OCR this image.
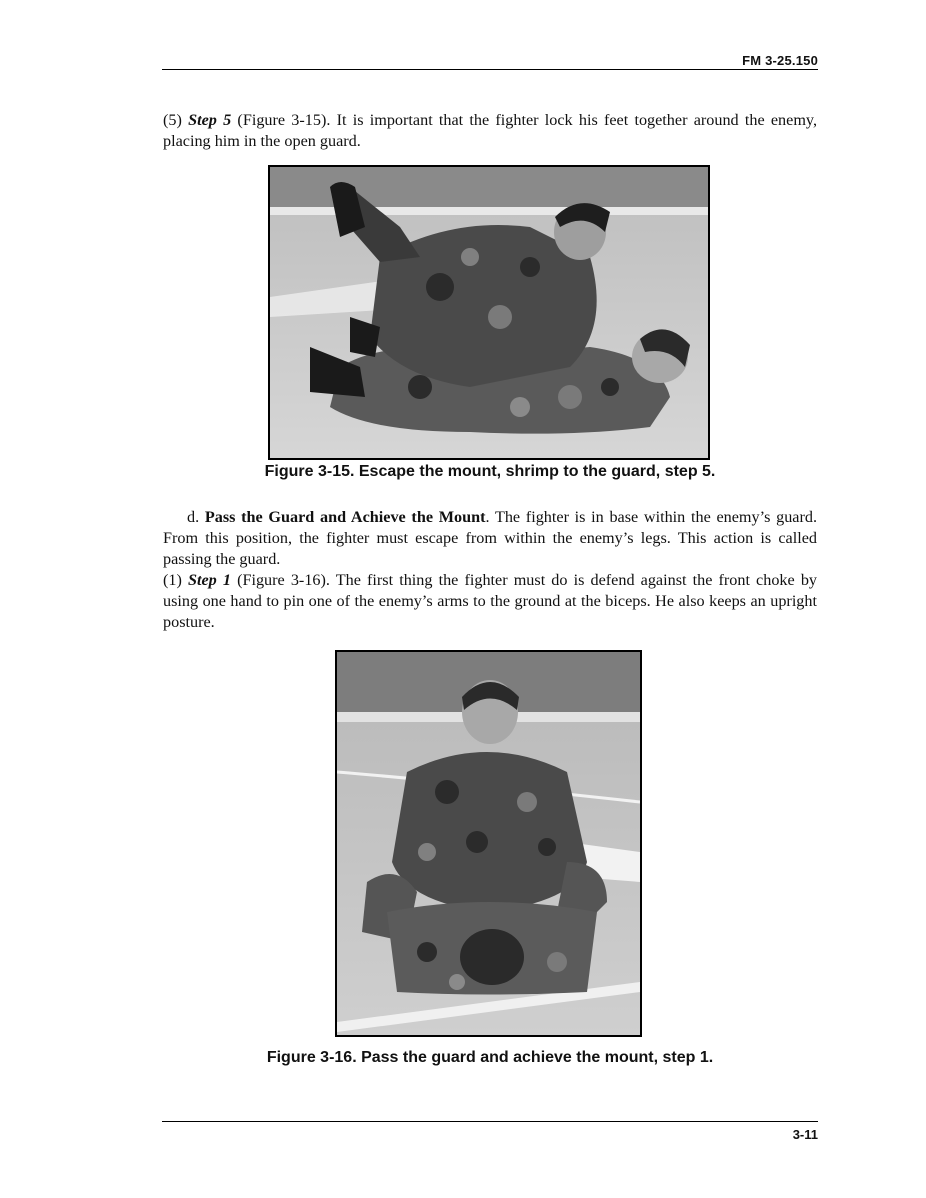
FM 3-25.150

(5) Step 5 (Figure 3-15). It is important that the fighter lock his feet together around the enemy, placing him in the open guard.

Figure 3-15. Escape the mount, shrimp to the guard, step 5.

d. Pass the Guard and Achieve the Mount. The fighter is in base within the enemy’s guard. From this position, the fighter must escape from within the enemy’s legs. This action is called passing the guard.

(1) Step 1 (Figure 3-16). The first thing the fighter must do is defend against the front choke by using one hand to pin one of the enemy’s arms to the ground at the biceps. He also keeps an upright posture.

Figure 3-16. Pass the guard and achieve the mount, step 1.
3-11
